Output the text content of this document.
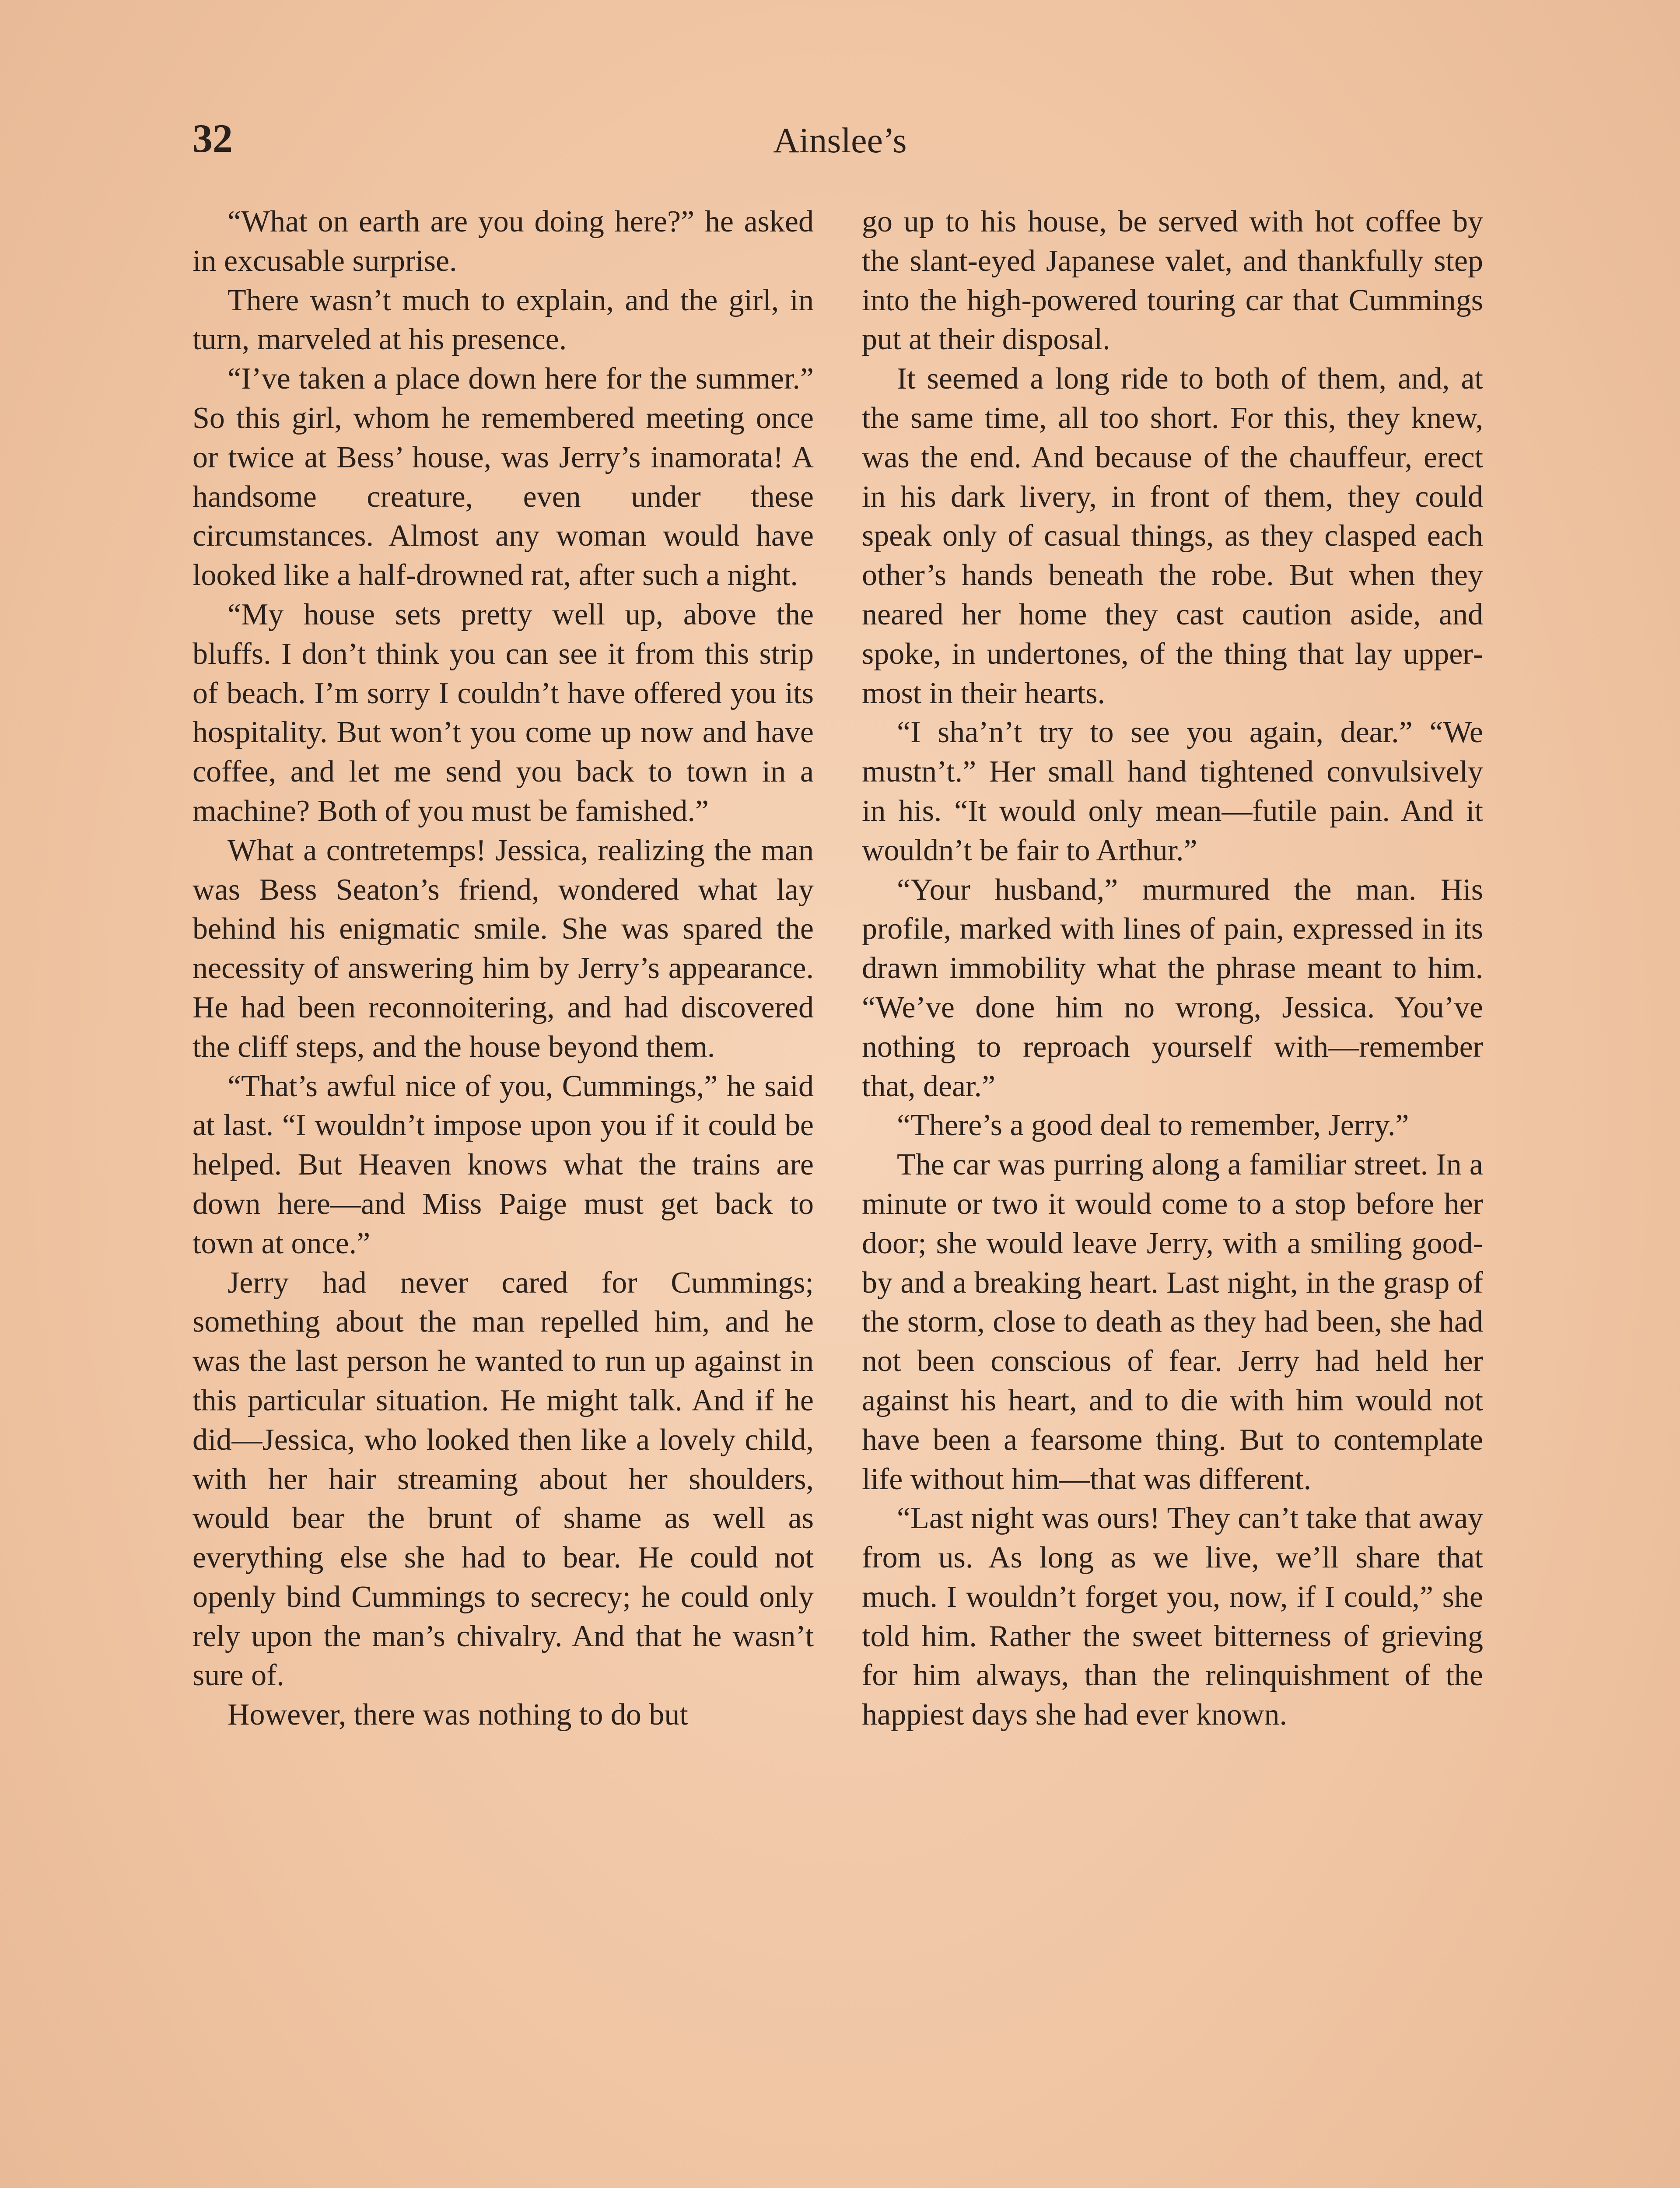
32	Ainslee’s

“What on earth are you doing here?” he asked in excusable surprise.

There wasn’t much to explain, and the girl, in turn, marveled at his presence.

“I’ve taken a place down here for the summer.” So this girl, whom he remembered meeting once or twice at Bess’ house, was Jerry’s inamorata! A handsome creature, even under these circumstances. Almost any woman would have looked like a half-drowned rat, after such a night.

“My house sets pretty well up, above the bluffs. I don’t think you can see it from this strip of beach. I’m sorry I couldn’t have offered you its hospitality. But won’t you come up now and have coffee, and let me send you back to town in a machine? Both of you must be famished.”

What a contretemps! Jessica, realizing the man was Bess Seaton’s friend, wondered what lay behind his enigmatic smile. She was spared the necessity of answering him by Jerry’s appearance. He had been reconnoitering, and had discovered the cliff steps, and the house beyond them.

“That’s awful nice of you, Cummings,” he said at last. “I wouldn’t impose upon you if it could be helped. But Heaven knows what the trains are down here—and Miss Paige must get back to town at once.”

Jerry had never cared for Cummings; something about the man repelled him, and he was the last person he wanted to run up against in this particular situation. He might talk. And if he did—Jessica, who looked then like a lovely child, with her hair streaming about her shoulders, would bear the brunt of shame as well as everything else she had to bear. He could not openly bind Cummings to secrecy; he could only rely upon the man’s chivalry. And that he wasn’t sure of.

However, there was nothing to do but

go up to his house, be served with hot coffee by the slant-eyed Japanese valet, and thankfully step into the high-powered touring car that Cummings put at their disposal.

It seemed a long ride to both of them, and, at the same time, all too short. For this, they knew, was the end. And because of the chauffeur, erect in his dark livery, in front of them, they could speak only of casual things, as they clasped each other’s hands beneath the robe. But when they neared her home they cast caution aside, and spoke, in undertones, of the thing that lay uppermost in their hearts.

“I sha’n’t try to see you again, dear.” “We mustn’t.” Her small hand tightened convulsively in his. “It would only mean—futile pain. And it wouldn’t be fair to Arthur.”

“Your husband,” murmured the man. His profile, marked with lines of pain, expressed in its drawn immobility what the phrase meant to him. “We’ve done him no wrong, Jessica. You’ve nothing to reproach yourself with—remember that, dear.”

“There’s a good deal to remember, Jerry.”

The car was purring along a familiar street. In a minute or two it would come to a stop before her door; she would leave Jerry, with a smiling good-by and a breaking heart. Last night, in the grasp of the storm, close to death as they had been, she had not been conscious of fear. Jerry had held her against his heart, and to die with him would not have been a fearsome thing. But to contemplate life without him—that was different.

“Last night was ours! They can’t take that away from us. As long as we live, we’ll share that much. I wouldn’t forget you, now, if I could,” she told him. Rather the sweet bitterness of grieving for him always, than the relinquishment of the happiest days she had ever known.
